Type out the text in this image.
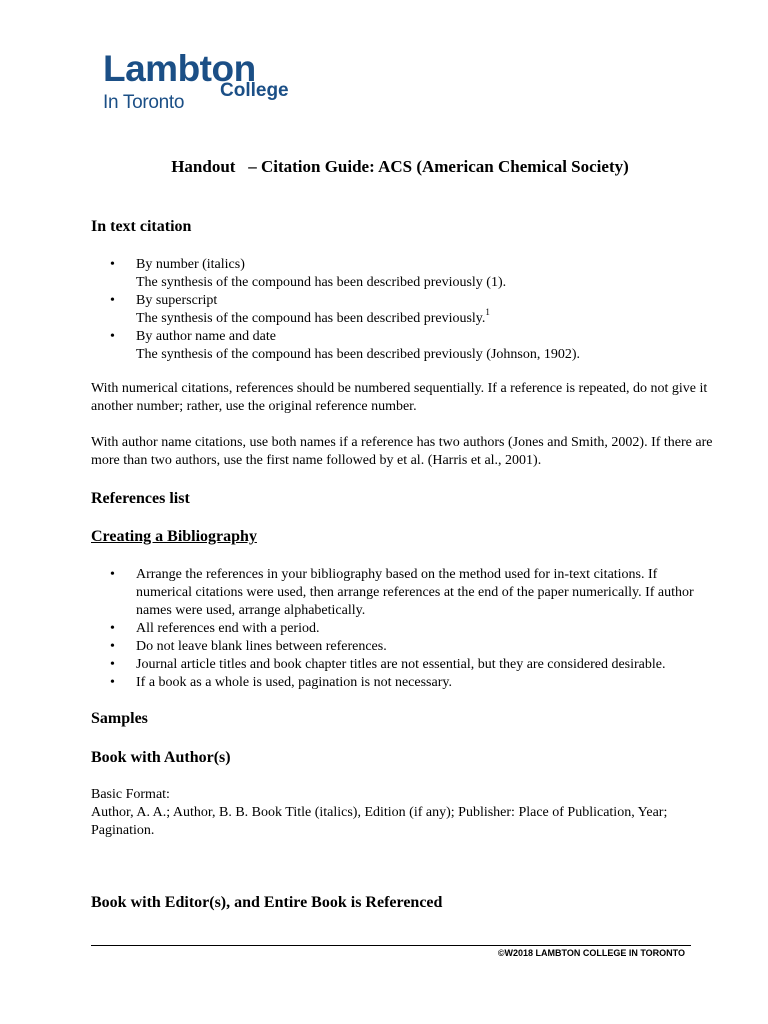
Lambton
College
In Toronto
Handout   – Citation Guide: ACS (American Chemical Society)
In text citation
• By number (italics)
The synthesis of the compound has been described previously (1).
• By superscript
The synthesis of the compound has been described previously.$^1$
• By author name and date
The synthesis of the compound has been described previously (Johnson, 1902).
With numerical citations, references should be numbered sequentially. If a reference is repeated, do not give it another number; rather, use the original reference number.
With author name citations, use both names if a reference has two authors (Jones and Smith, 2002). If there are more than two authors, use the first name followed by et al. (Harris et al., 2001).
References list
Creating a Bibliography
• Arrange the references in your bibliography based on the method used for in-text citations. If numerical citations were used, then arrange references at the end of the paper numerically. If author names were used, arrange alphabetically.
• All references end with a period.
• Do not leave blank lines between references.
• Journal article titles and book chapter titles are not essential, but they are considered desirable.
• If a book as a whole is used, pagination is not necessary.
Samples
Book with Author(s)
Basic Format:
Author, A. A.; Author, B. B. Book Title (italics), Edition (if any); Publisher: Place of Publication, Year; Pagination.
Book with Editor(s), and Entire Book is Referenced
©W2018 LAMBTON COLLEGE IN TORONTO
